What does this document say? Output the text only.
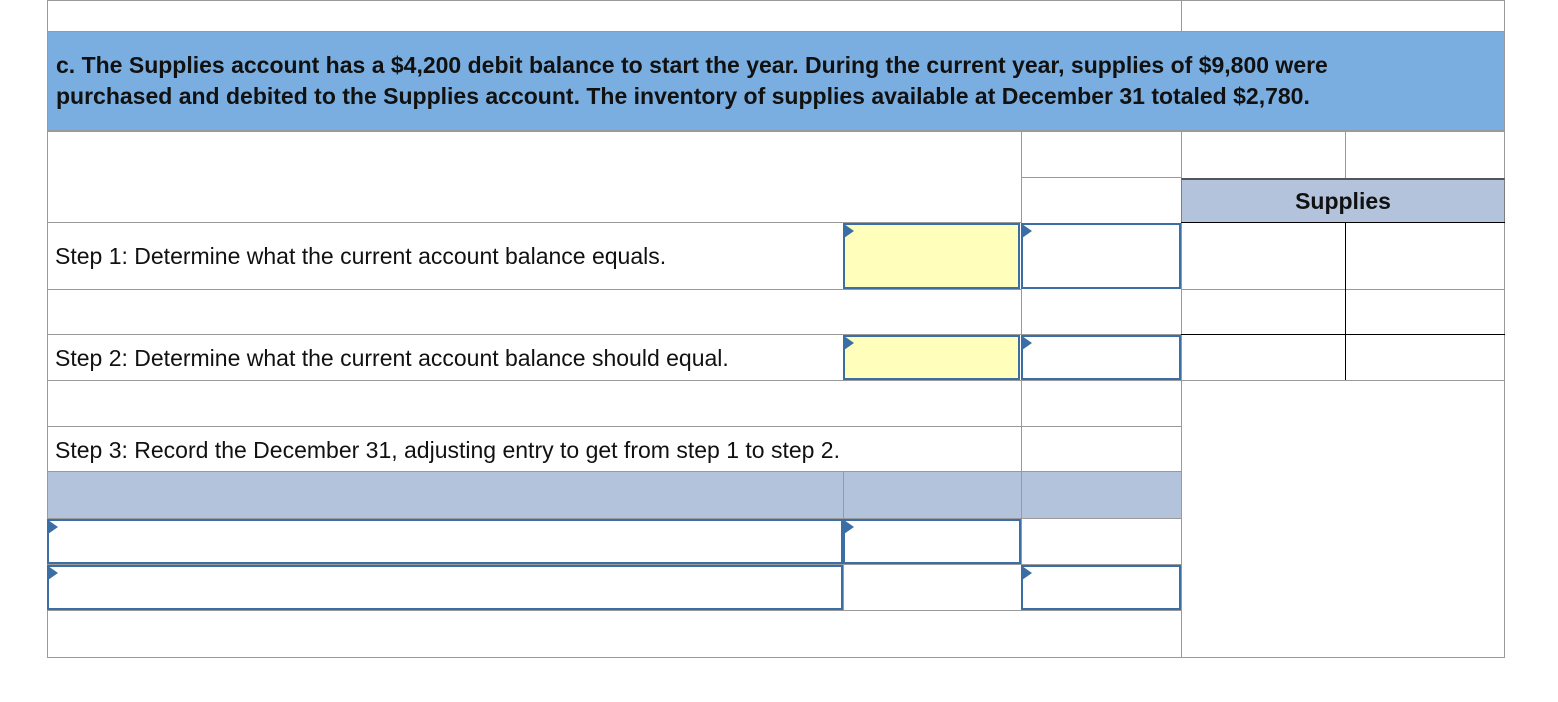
c. The Supplies account has a $4,200 debit balance to start the year. During the current year, supplies of $9,800 were
purchased and debited to the Supplies account. The inventory of supplies available at December 31 totaled $2,780.
Step 1: Determine what the current account balance equals.
Step 2: Determine what the current account balance should equal.
Step 3: Record the December 31, adjusting entry to get from step 1 to step 2.
Supplies
